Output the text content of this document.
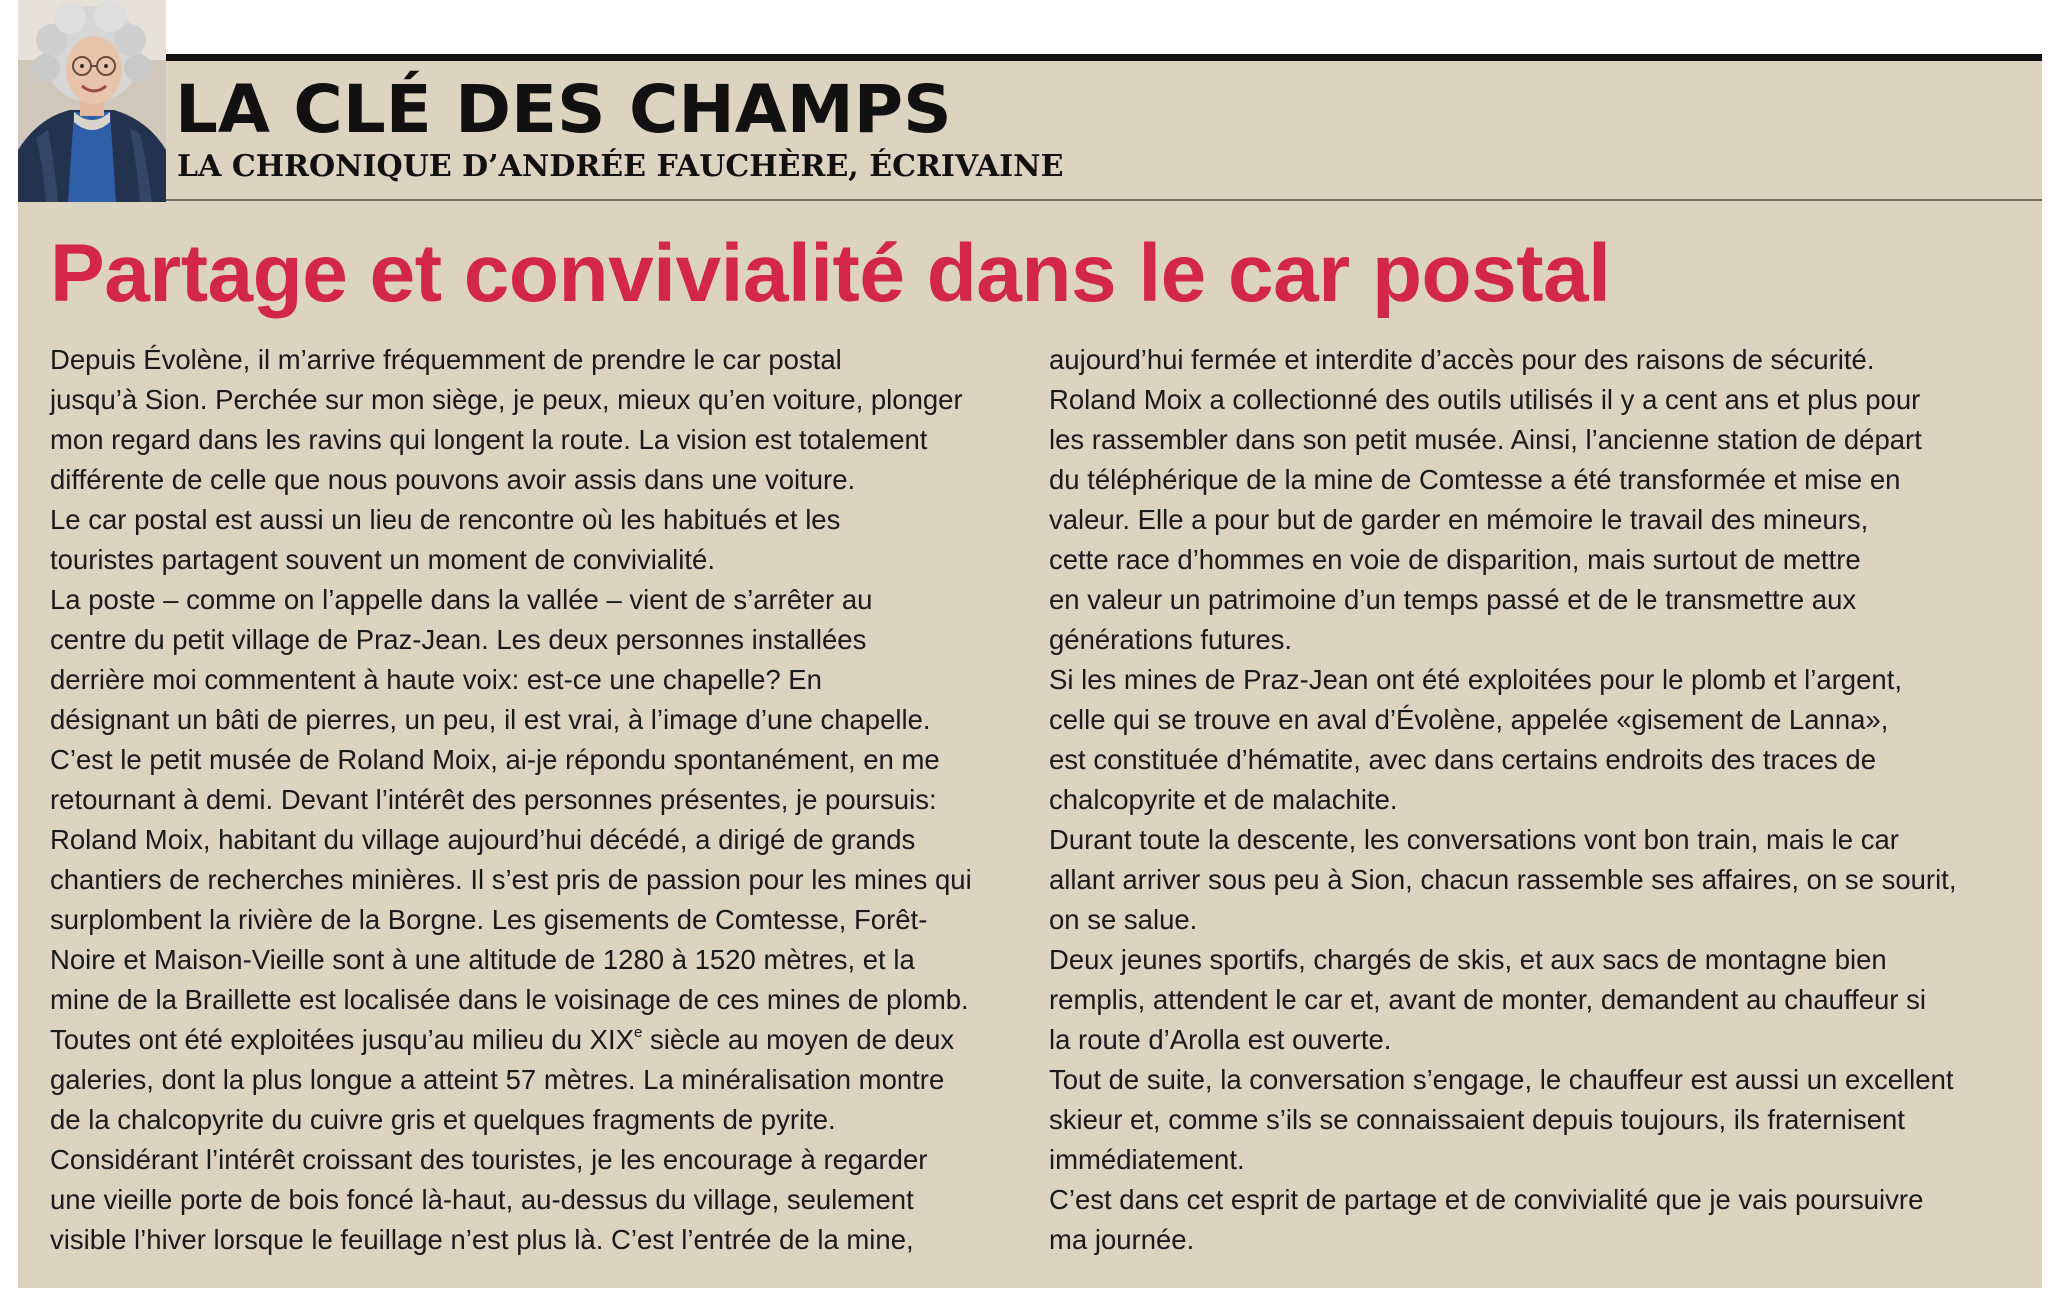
LA CLÉ DES CHAMPS
LA CHRONIQUE D’ANDRÉE FAUCHÈRE, ÉCRIVAINE
Partage et convivialité dans le car postal
Depuis Évolène, il m’arrive fréquemment de prendre le car postal
jusqu’à Sion. Perchée sur mon siège, je peux, mieux qu’en voiture, plonger
mon regard dans les ravins qui longent la route. La vision est totalement
différente de celle que nous pouvons avoir assis dans une voiture.
Le car postal est aussi un lieu de rencontre où les habitués et les
touristes partagent souvent un moment de convivialité.
La poste – comme on l’appelle dans la vallée – vient de s’arrêter au
centre du petit village de Praz-Jean. Les deux personnes installées
derrière moi commentent à haute voix: est-ce une chapelle? En
désignant un bâti de pierres, un peu, il est vrai, à l’image d’une chapelle.
C’est le petit musée de Roland Moix, ai-je répondu spontanément, en me
retournant à demi. Devant l’intérêt des personnes présentes, je poursuis:
Roland Moix, habitant du village aujourd’hui décédé, a dirigé de grands
chantiers de recherches minières. Il s’est pris de passion pour les mines qui
surplombent la rivière de la Borgne. Les gisements de Comtesse, Forêt-
Noire et Maison-Vieille sont à une altitude de 1280 à 1520 mètres, et la
mine de la Braillette est localisée dans le voisinage de ces mines de plomb.
Toutes ont été exploitées jusqu’au milieu du XIXe siècle au moyen de deux
galeries, dont la plus longue a atteint 57 mètres. La minéralisation montre
de la chalcopyrite du cuivre gris et quelques fragments de pyrite.
Considérant l’intérêt croissant des touristes, je les encourage à regarder
une vieille porte de bois foncé là-haut, au-dessus du village, seulement
visible l’hiver lorsque le feuillage n’est plus là. C’est l’entrée de la mine,
aujourd’hui fermée et interdite d’accès pour des raisons de sécurité.
Roland Moix a collectionné des outils utilisés il y a cent ans et plus pour
les rassembler dans son petit musée. Ainsi, l’ancienne station de départ
du téléphérique de la mine de Comtesse a été transformée et mise en
valeur. Elle a pour but de garder en mémoire le travail des mineurs,
cette race d’hommes en voie de disparition, mais surtout de mettre
en valeur un patrimoine d’un temps passé et de le transmettre aux
générations futures.
Si les mines de Praz-Jean ont été exploitées pour le plomb et l’argent,
celle qui se trouve en aval d’Évolène, appelée «gisement de Lanna»,
est constituée d’hématite, avec dans certains endroits des traces de
chalcopyrite et de malachite.
Durant toute la descente, les conversations vont bon train, mais le car
allant arriver sous peu à Sion, chacun rassemble ses affaires, on se sourit,
on se salue.
Deux jeunes sportifs, chargés de skis, et aux sacs de montagne bien
remplis, attendent le car et, avant de monter, demandent au chauffeur si
la route d’Arolla est ouverte.
Tout de suite, la conversation s’engage, le chauffeur est aussi un excellent
skieur et, comme s’ils se connaissaient depuis toujours, ils fraternisent
immédiatement.
C’est dans cet esprit de partage et de convivialité que je vais poursuivre
ma journée.
